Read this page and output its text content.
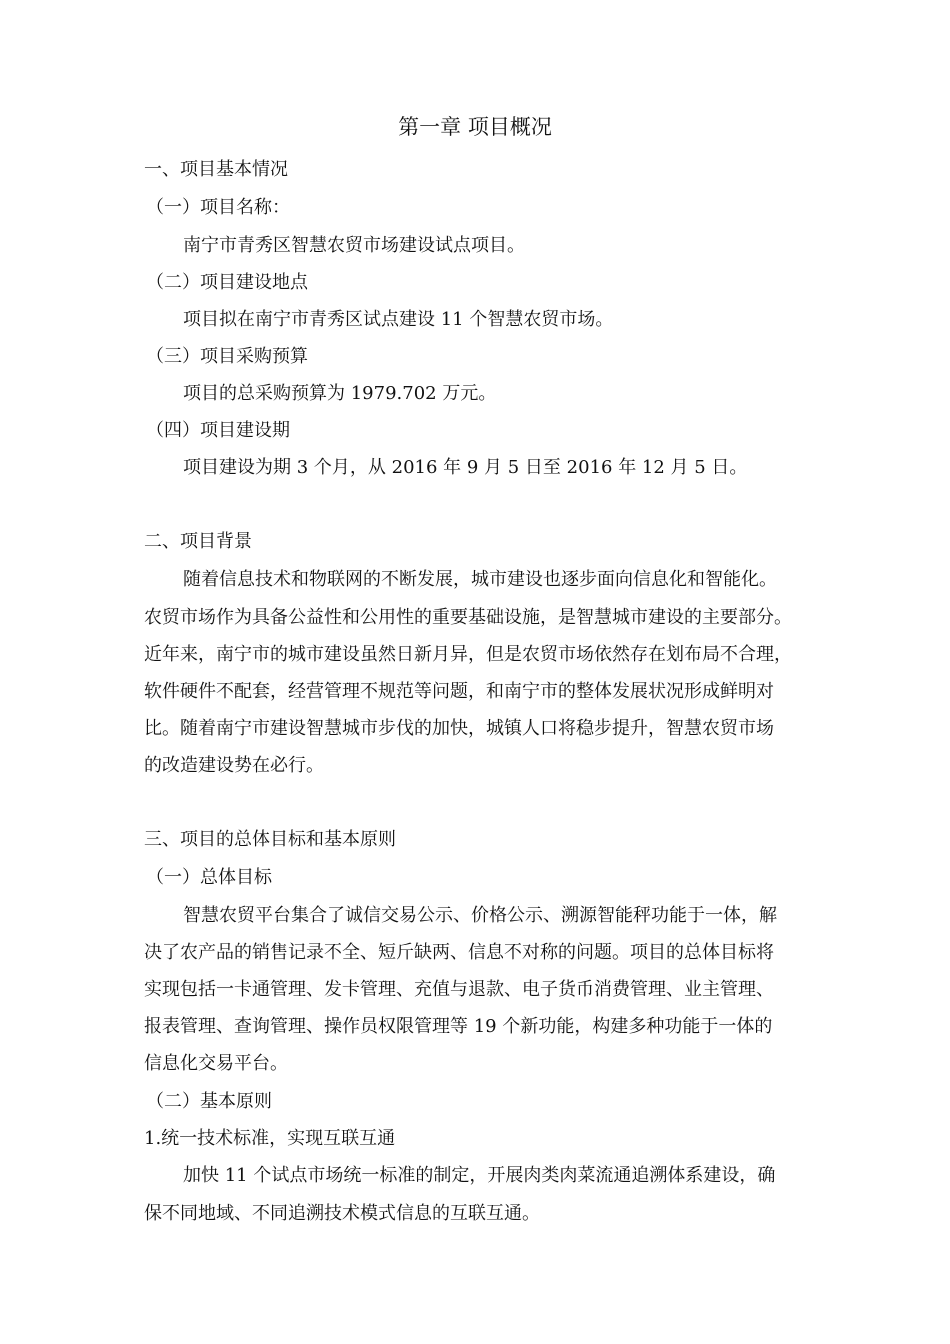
第一章 项目概况
一、项目基本情况
（一）项目名称：
南宁市青秀区智慧农贸市场建设试点项目。
（二）项目建设地点
项目拟在南宁市青秀区试点建设 11 个智慧农贸市场。
（三）项目采购预算
项目的总采购预算为 1979.702 万元。
（四）项目建设期
项目建设为期 3 个月，从 2016 年 9 月 5 日至 2016 年 12 月 5 日。
二、项目背景
随着信息技术和物联网的不断发展，城市建设也逐步面向信息化和智能化。
农贸市场作为具备公益性和公用性的重要基础设施，是智慧城市建设的主要部分。
近年来，南宁市的城市建设虽然日新月异，但是农贸市场依然存在划布局不合理，
软件硬件不配套，经营管理不规范等问题，和南宁市的整体发展状况形成鲜明对
比。随着南宁市建设智慧城市步伐的加快，城镇人口将稳步提升，智慧农贸市场
的改造建设势在必行。
三、项目的总体目标和基本原则
（一）总体目标
智慧农贸平台集合了诚信交易公示、价格公示、溯源智能秤功能于一体，解
决了农产品的销售记录不全、短斤缺两、信息不对称的问题。项目的总体目标将
实现包括一卡通管理、发卡管理、充值与退款、电子货币消费管理、业主管理、
报表管理、查询管理、操作员权限管理等 19 个新功能，构建多种功能于一体的
信息化交易平台。
（二）基本原则
1.统一技术标准，实现互联互通
加快 11 个试点市场统一标准的制定，开展肉类肉菜流通追溯体系建设，确
保不同地域、不同追溯技术模式信息的互联互通。
